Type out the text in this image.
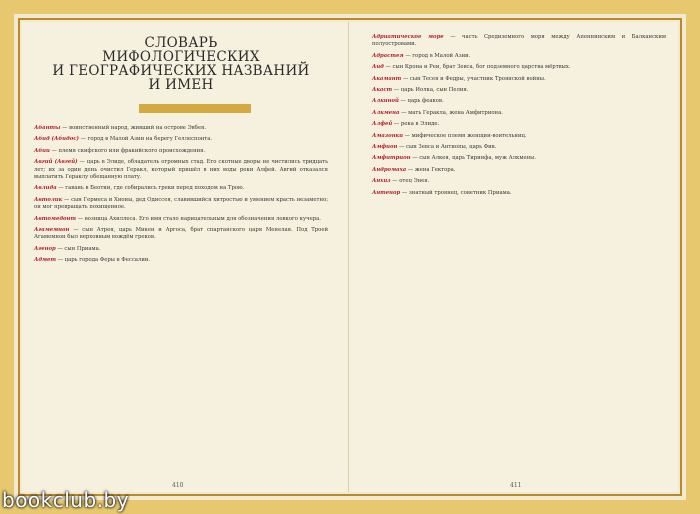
СЛОВАРЬ
МИФОЛОГИЧЕСКИХ
И ГЕОГРАФИЧЕСКИХ НАЗВАНИЙ
И ИМЕН
Абанты — воинственный народ, живший на острове Эвбея.
Абид (Абидос) — город в Малой Азии на берегу Геллеспонта.
Абии — племя скифского или фракийского происхождения.
Авгий (Авгей) — царь в Элиде, обладатель огромных стад. Его скотные дворы не чистились тридцать лет; их за один день очистил Геракл, который пришёл в них воды реки Алфей. Авгий отказался выплатить Гераклу обещанную плату.
Авлида — гавань в Беотии, где собирались греки перед походом на Трою.
Автолик — сын Гермеса и Хионы, дед Одиссея, славившийся хитростью и умением красть незаметно; он мог превращать похищенное.
Автомедонт — возница Ахиллеса. Его имя стало нарицательным для обозначения ловкого кучера.
Агамемнон — сын Атрея, царь Микен и Аргоса, брат спартанского царя Менелая. Под Троей Агамемнон был верховным вождём греков.
Агенор — сын Приама.
Адмет — царь города Феры в Фессалии.
410
Адриатическое море — часть Средиземного моря между Апеннинским и Балканским полуостровами.
Адрастея — город в Малой Азии.
Аид — сын Крона и Реи, брат Зевса, бог подземного царства мёртвых.
Акамант — сын Тесея и Федры, участник Троянской войны.
Акаст — царь Иолка, сын Пелия.
Алкиной — царь феаков.
Алкмена — мать Геракла, жена Амфитриона.
Алфей — река в Элиде.
Амазонки — мифическое племя женщин-воительниц.
Амфион — сын Зевса и Антиопы, царь Фив.
Амфитрион — сын Алкея, царь Тиринфа, муж Алкмены.
Андромаха — жена Гектора.
Анхиз — отец Энея.
Антенор — знатный троянец, советник Приама.
411
bookclub.by
